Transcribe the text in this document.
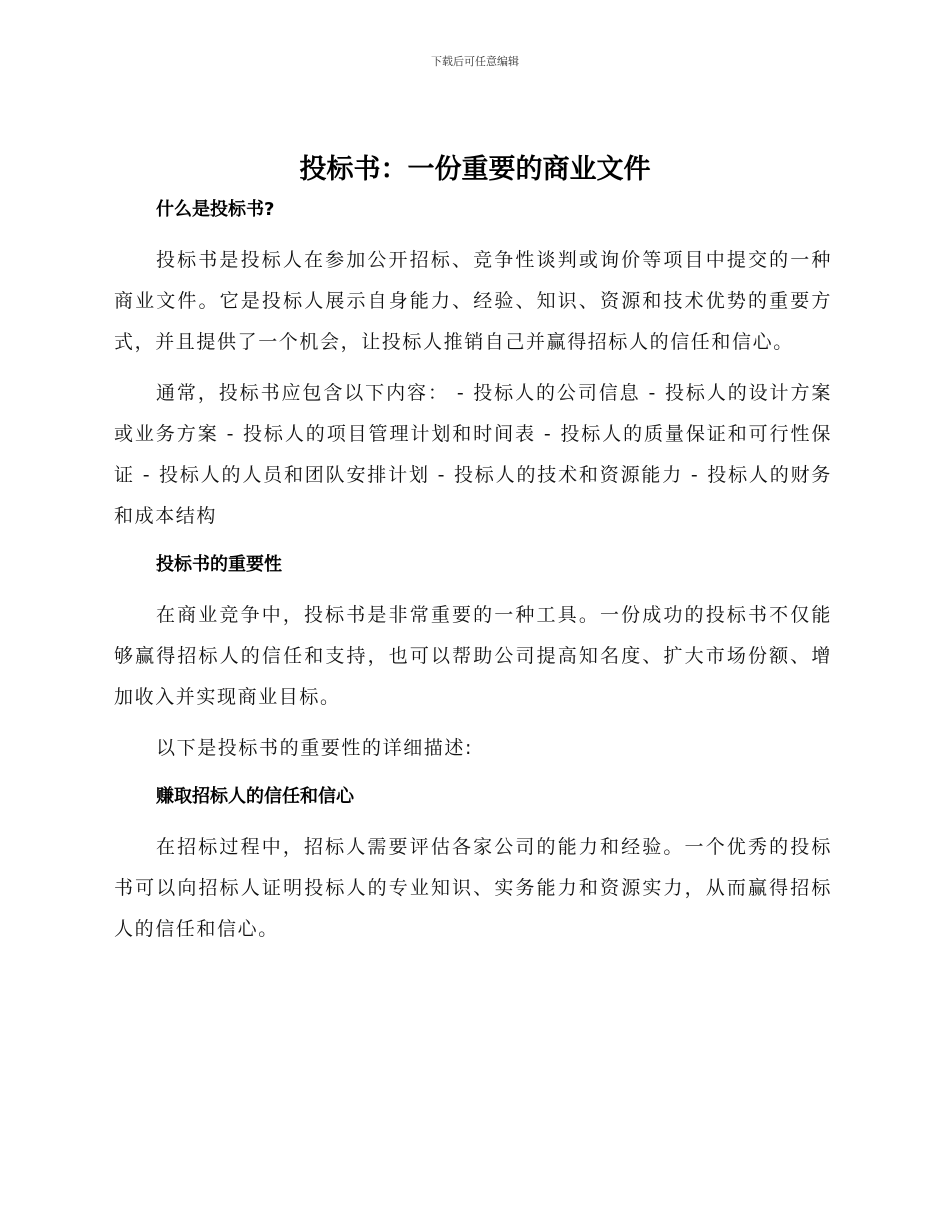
下载后可任意编辑
投标书：一份重要的商业文件
什么是投标书?

投标书是投标人在参加公开招标、竞争性谈判或询价等项目中提交的一种商业文件。它是投标人展示自身能力、经验、知识、资源和技术优势的重要方式，并且提供了一个机会，让投标人推销自己并赢得招标人的信任和信心。

通常，投标书应包含以下内容： - 投标人的公司信息 - 投标人的设计方案或业务方案 - 投标人的项目管理计划和时间表 - 投标人的质量保证和可行性保证 - 投标人的人员和团队安排计划 - 投标人的技术和资源能力 - 投标人的财务和成本结构

投标书的重要性

在商业竞争中，投标书是非常重要的一种工具。一份成功的投标书不仅能够赢得招标人的信任和支持，也可以帮助公司提高知名度、扩大市场份额、增加收入并实现商业目标。

以下是投标书的重要性的详细描述:

赚取招标人的信任和信心

在招标过程中，招标人需要评估各家公司的能力和经验。一个优秀的投标书可以向招标人证明投标人的专业知识、实务能力和资源实力，从而赢得招标人的信任和信心。
